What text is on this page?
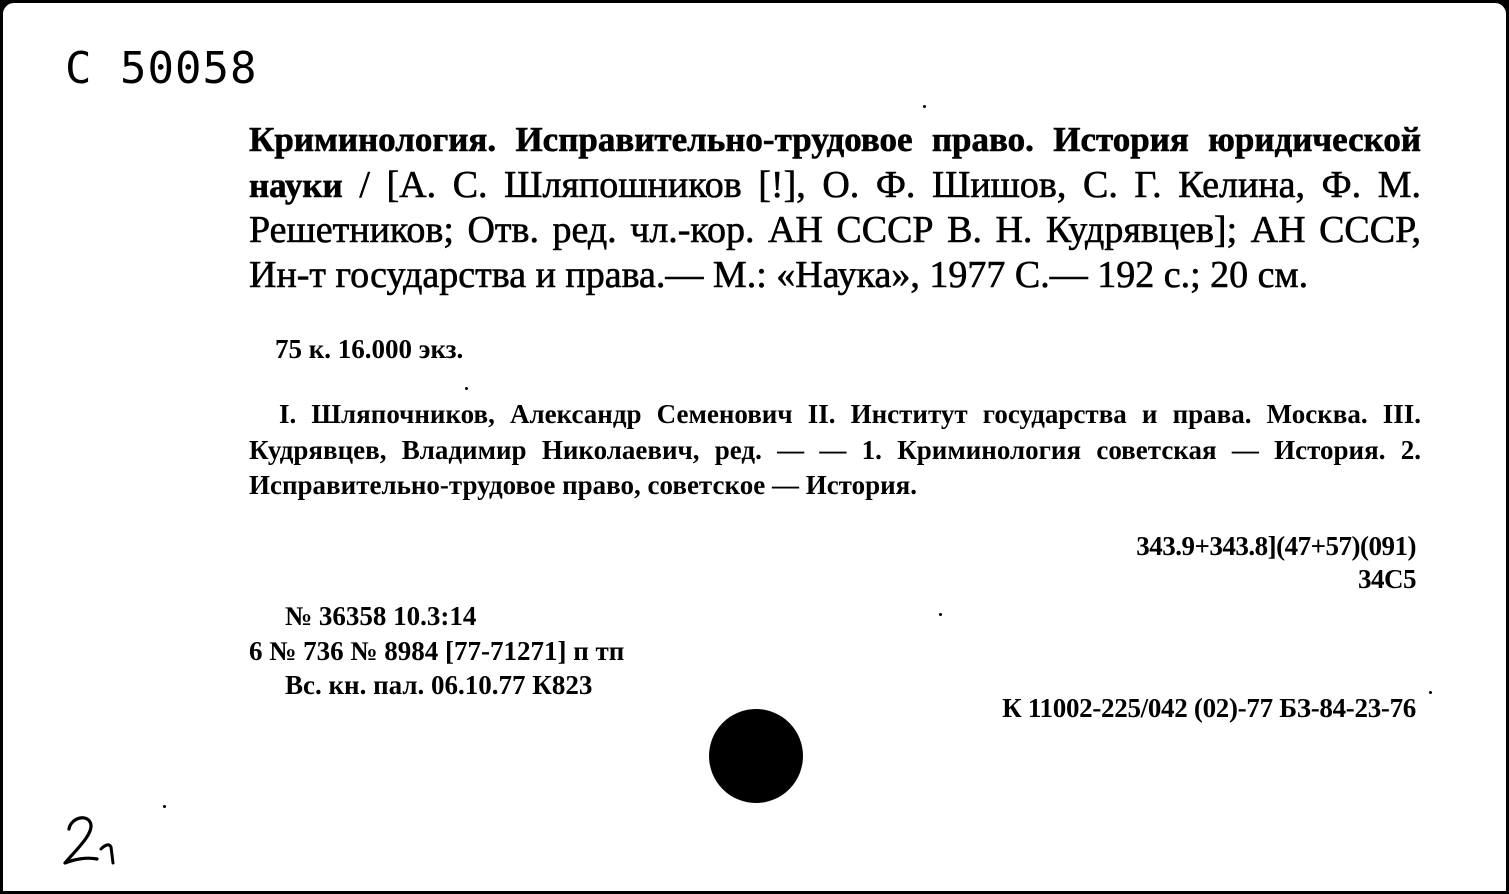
С 50058
Криминология. Исправительно-трудовое право. История юридической науки / [А. С. Шляпошников [!], О. Ф. Шишов, С. Г. Келина, Ф. М. Решетников; Отв. ред. чл.-кор. АН СССР В. Н. Кудрявцев]; АН СССР, Ин-т государства и права.— М.: «Наука», 1977 С.— 192 с.; 20 см.
75 к. 16.000 экз.
I. Шляпочников, Александр Семенович II. Институт государства и права. Москва. III. Кудрявцев, Владимир Николаевич, ред. — — 1. Криминология советская — История. 2. Исправительно-трудовое право, советское — История.
343.9+343.8](47+57)(091)
34С5
№ 36358 10.3:14
6 № 736 № 8984 [77-71271] п тп
Вс. кн. пал. 06.10.77 К823
К 11002-225/042 (02)-77 БЗ-84-23-76
